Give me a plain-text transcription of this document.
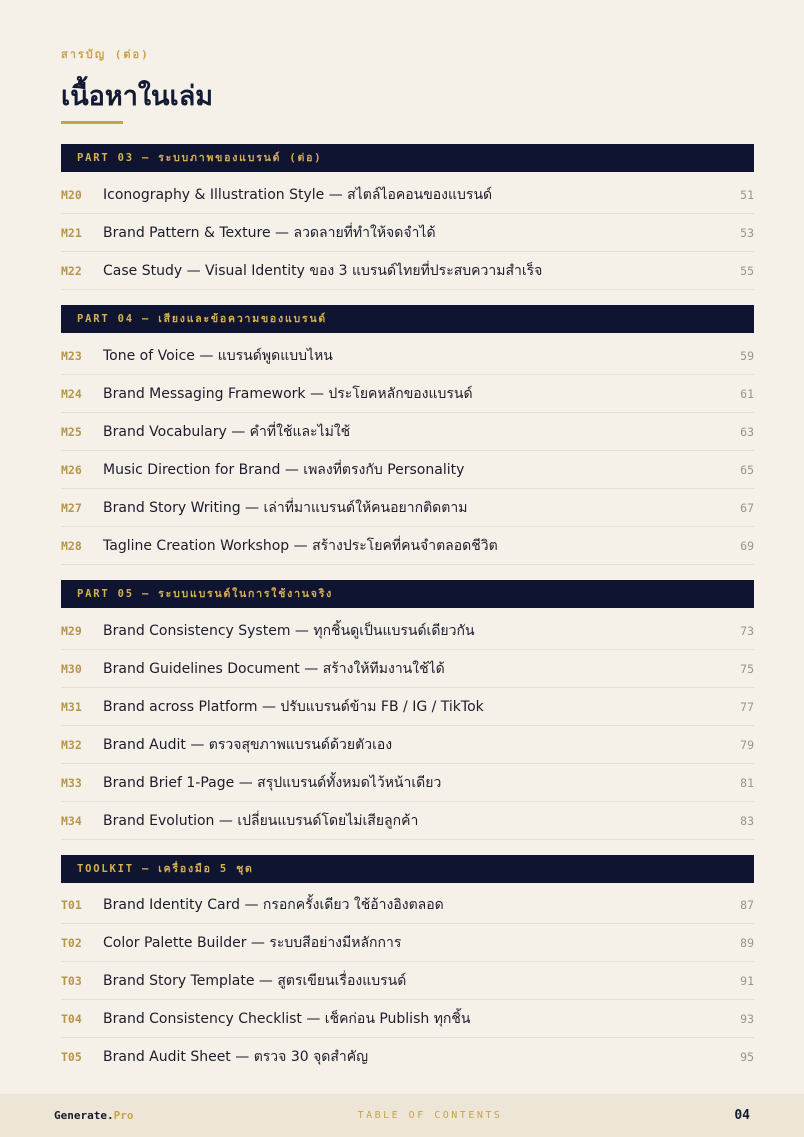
สารบัญ (ต่อ)
เนื้อหาในเล่ม
PART 03 — ระบบภาพของแบรนด์ (ต่อ)
M20 Iconography & Illustration Style — สไตล์ไอคอนของแบรนด์	51
M21 Brand Pattern & Texture — ลวดลายที่ทำให้จดจำได้	53
M22 Case Study — Visual Identity ของ 3 แบรนด์ไทยที่ประสบความสำเร็จ	55
PART 04 — เสียงและข้อความของแบรนด์
M23 Tone of Voice — แบรนด์พูดแบบไหน	59
M24 Brand Messaging Framework — ประโยคหลักของแบรนด์	61
M25 Brand Vocabulary — คำที่ใช้และไม่ใช้	63
M26 Music Direction for Brand — เพลงที่ตรงกับ Personality	65
M27 Brand Story Writing — เล่าที่มาแบรนด์ให้คนอยากติดตาม	67
M28 Tagline Creation Workshop — สร้างประโยคที่คนจำตลอดชีวิต	69
PART 05 — ระบบแบรนด์ในการใช้งานจริง
M29 Brand Consistency System — ทุกชิ้นดูเป็นแบรนด์เดียวกัน	73
M30 Brand Guidelines Document — สร้างให้ทีมงานใช้ได้	75
M31 Brand across Platform — ปรับแบรนด์ข้าม FB / IG / TikTok	77
M32 Brand Audit — ตรวจสุขภาพแบรนด์ด้วยตัวเอง	79
M33 Brand Brief 1-Page — สรุปแบรนด์ทั้งหมดไว้หน้าเดียว	81
M34 Brand Evolution — เปลี่ยนแบรนด์โดยไม่เสียลูกค้า	83
TOOLKIT — เครื่องมือ 5 ชุด
T01 Brand Identity Card — กรอกครั้งเดียว ใช้อ้างอิงตลอด	87
T02 Color Palette Builder — ระบบสีอย่างมีหลักการ	89
T03 Brand Story Template — สูตรเขียนเรื่องแบรนด์	91
T04 Brand Consistency Checklist — เช็คก่อน Publish ทุกชิ้น	93
T05 Brand Audit Sheet — ตรวจ 30 จุดสำคัญ	95
Generate.Pro	TABLE OF CONTENTS	04
